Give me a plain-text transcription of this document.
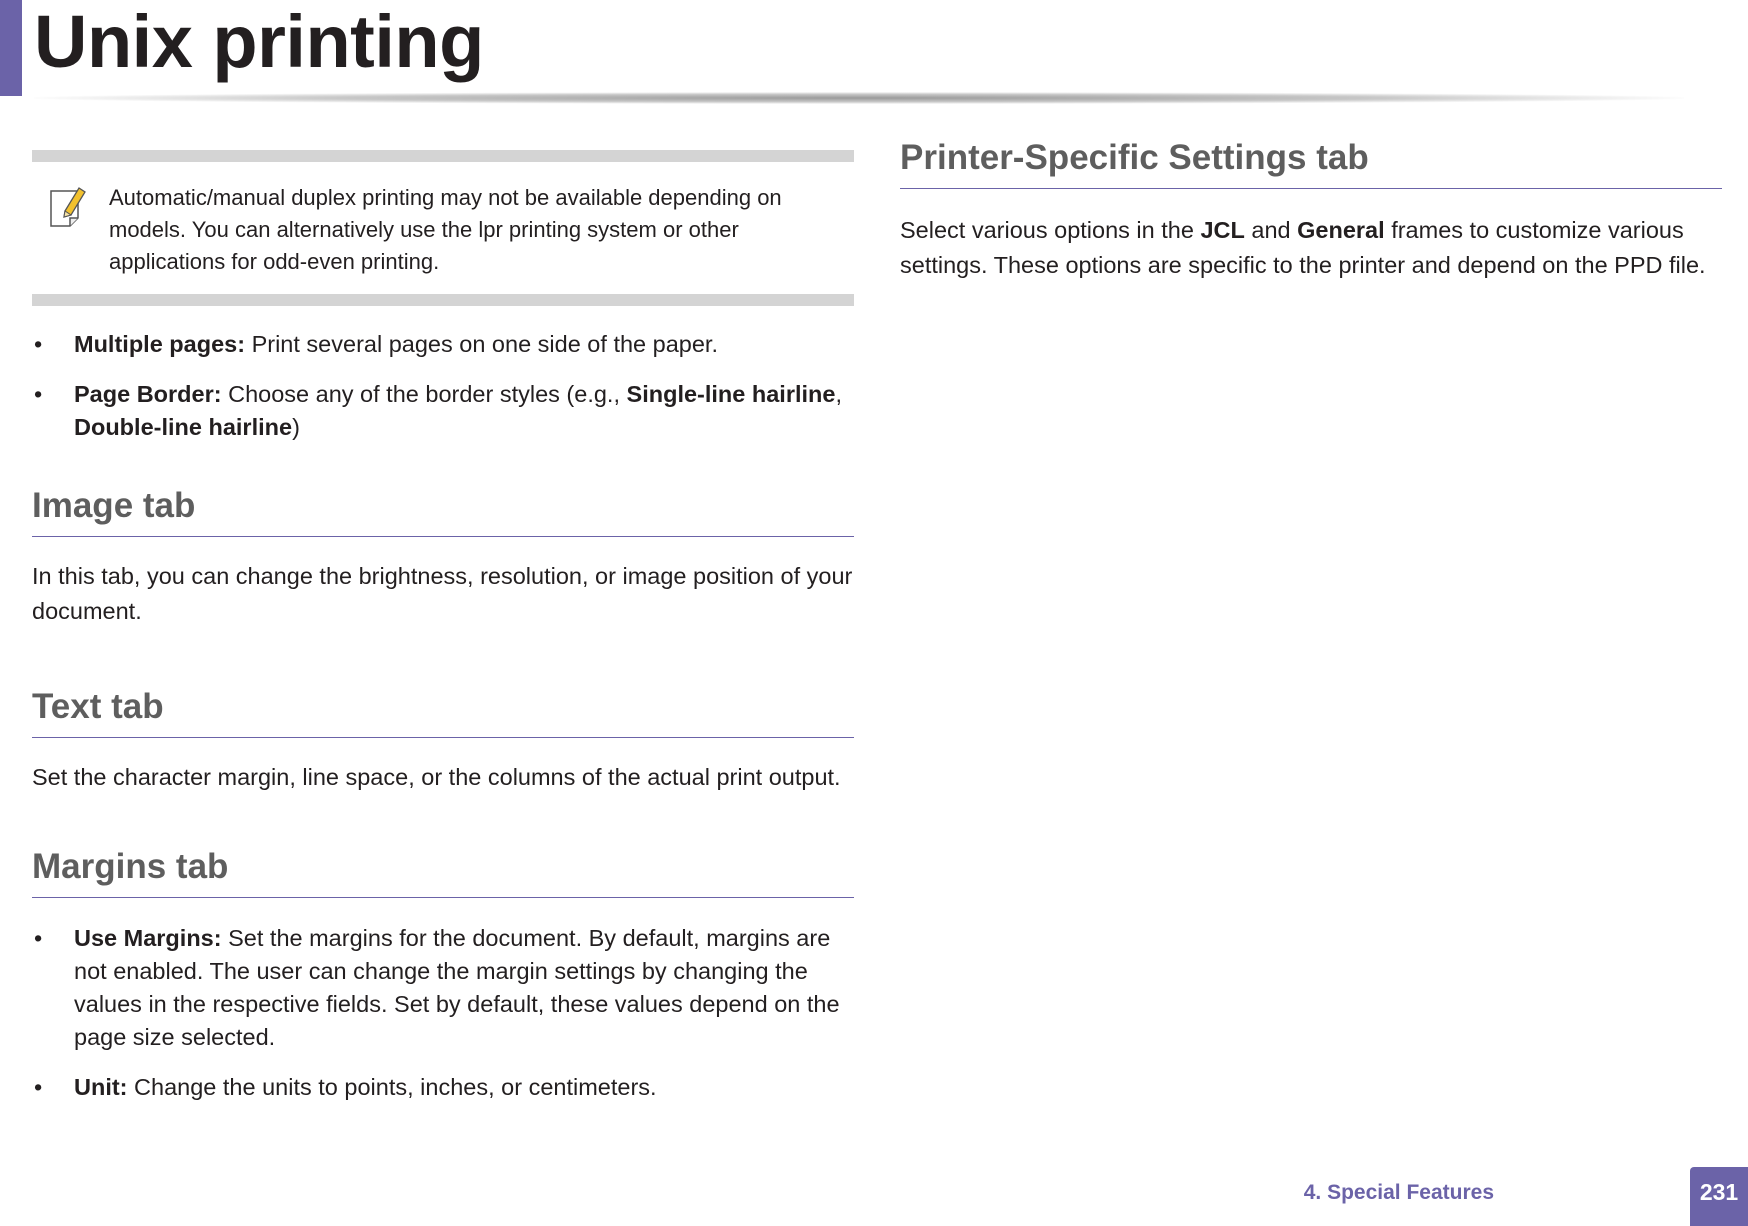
Unix printing
Automatic/manual duplex printing may not be available depending on models. You can alternatively use the lpr printing system or other applications for odd-even printing.
• Multiple pages: Print several pages on one side of the paper.
• Page Border: Choose any of the border styles (e.g., Single-line hairline, Double-line hairline)
Image tab

In this tab, you can change the brightness, resolution, or image position of your document.

Text tab

Set the character margin, line space, or the columns of the actual print output.

Margins tab
• Use Margins: Set the margins for the document. By default, margins are not enabled. The user can change the margin settings by changing the values in the respective fields. Set by default, these values depend on the page size selected.
• Unit: Change the units to points, inches, or centimeters.
Printer-Specific Settings tab

Select various options in the JCL and General frames to customize various settings. These options are specific to the printer and depend on the PPD file.

4. Special Features	231
